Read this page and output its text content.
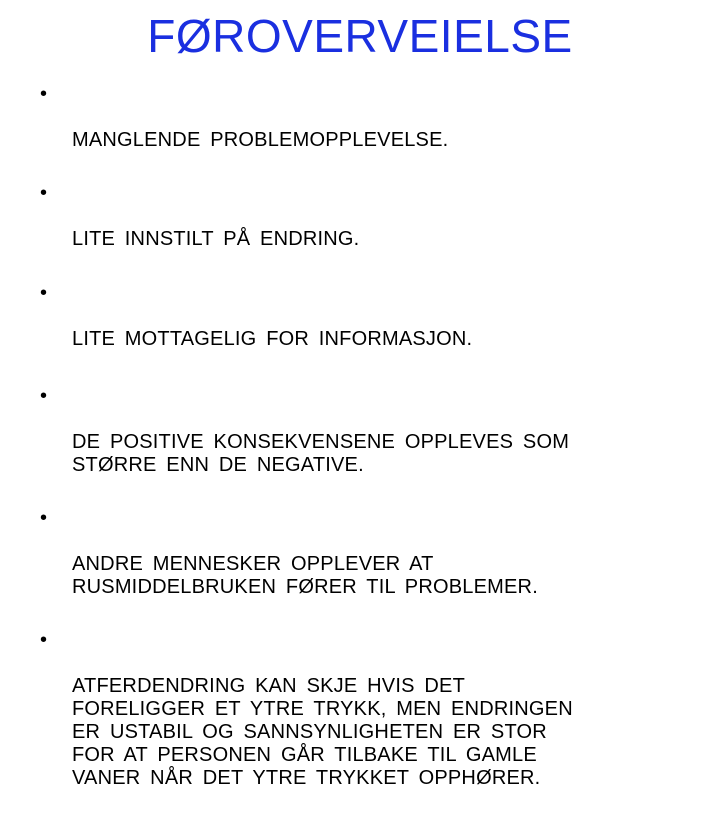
FØROVERVEIELSE

•

MANGLENDE PROBLEMOPPLEVELSE.

•

LITE INNSTILT PÅ ENDRING.

•

LITE MOTTAGELIG FOR INFORMASJON.

•

DE POSITIVE KONSEKVENSENE OPPLEVES SOM
STØRRE ENN DE NEGATIVE.

•

ANDRE MENNESKER OPPLEVER AT
RUSMIDDELBRUKEN FØRER TIL PROBLEMER.

•

ATFERDENDRING KAN SKJE HVIS DET
FORELIGGER ET YTRE TRYKK, MEN ENDRINGEN
ER USTABIL OG SANNSYNLIGHETEN ER STOR
FOR AT PERSONEN GÅR TILBAKE TIL GAMLE
VANER NÅR DET YTRE TRYKKET OPPHØRER.
